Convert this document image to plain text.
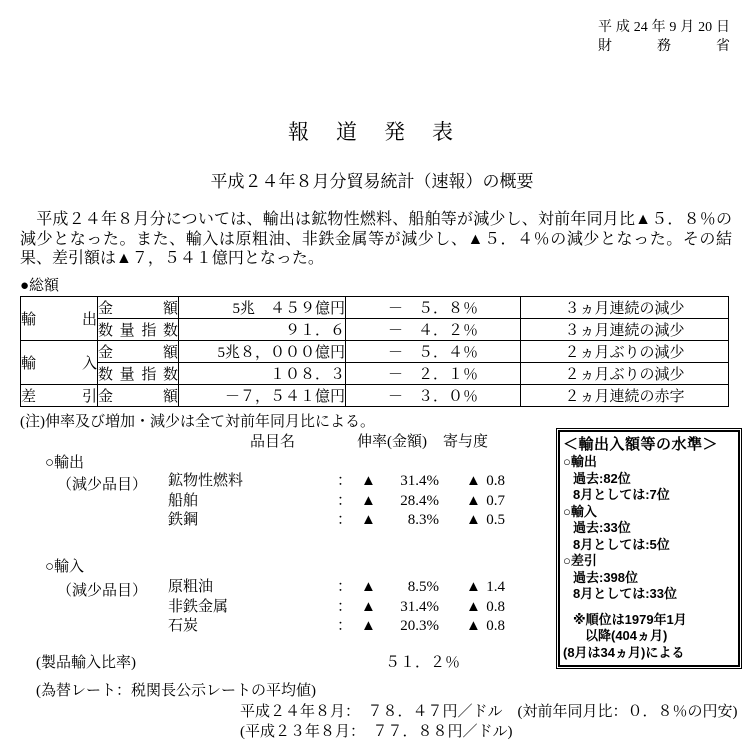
平成24年9月20日
財　務　省
報　道　発　表
平成２４年８月分貿易統計（速報）の概要
　平成２４年８月分については、輸出は鉱物性燃料、船舶等が減少し、対前年同月比▲５．８％の減少となった。また、輸入は原粗油、非鉄金属等が減少し、▲５．４％の減少となった。その結果、差引額は▲７，５４１億円となった。
●総額
輸　出	金　額	5兆　４５９億円	－　５．８％	３ヵ月連続の減少
	数量指数	９１．６	－　４．２％	３ヵ月連続の減少
輸　入	金　額	5兆８，０００億円	－　５．４％	２ヵ月ぶりの減少
	数量指数	１０８．３	－　２．１％	２ヵ月ぶりの減少
差　引	金　額	－７，５４１億円	－　３．０％	２ヵ月連続の赤字
(注)伸率及び増加・減少は全て対前年同月比による。
品目名	伸率(金額) 寄与度
○輸出
（減少品目） 鉱物性燃料	： ▲ 31.4% ▲ 0.8
船舶	： ▲ 28.4% ▲ 0.7
鉄鋼	： ▲ 8.3% ▲ 0.5
○輸入
（減少品目） 原粗油	： ▲ 8.5% ▲ 1.4
非鉄金属	： ▲ 31.4% ▲ 0.8
石炭	： ▲ 20.3% ▲ 0.8
＜輸出入額等の水準＞
○輸出
過去:82位
8月としては:7位
○輸入
過去:33位
8月としては:5位
○差引
過去:398位
8月としては:33位
※順位は1979年1月
以降(404ヵ月)
(8月は34ヵ月)による
(製品輸入比率)	５１．２％
(為替レート：税関長公示レートの平均値)
平成２４年８月：　７８．４７円／ドル　(対前年同月比：０．８％の円安)
(平成２３年８月：　７７．８８円／ドル)
